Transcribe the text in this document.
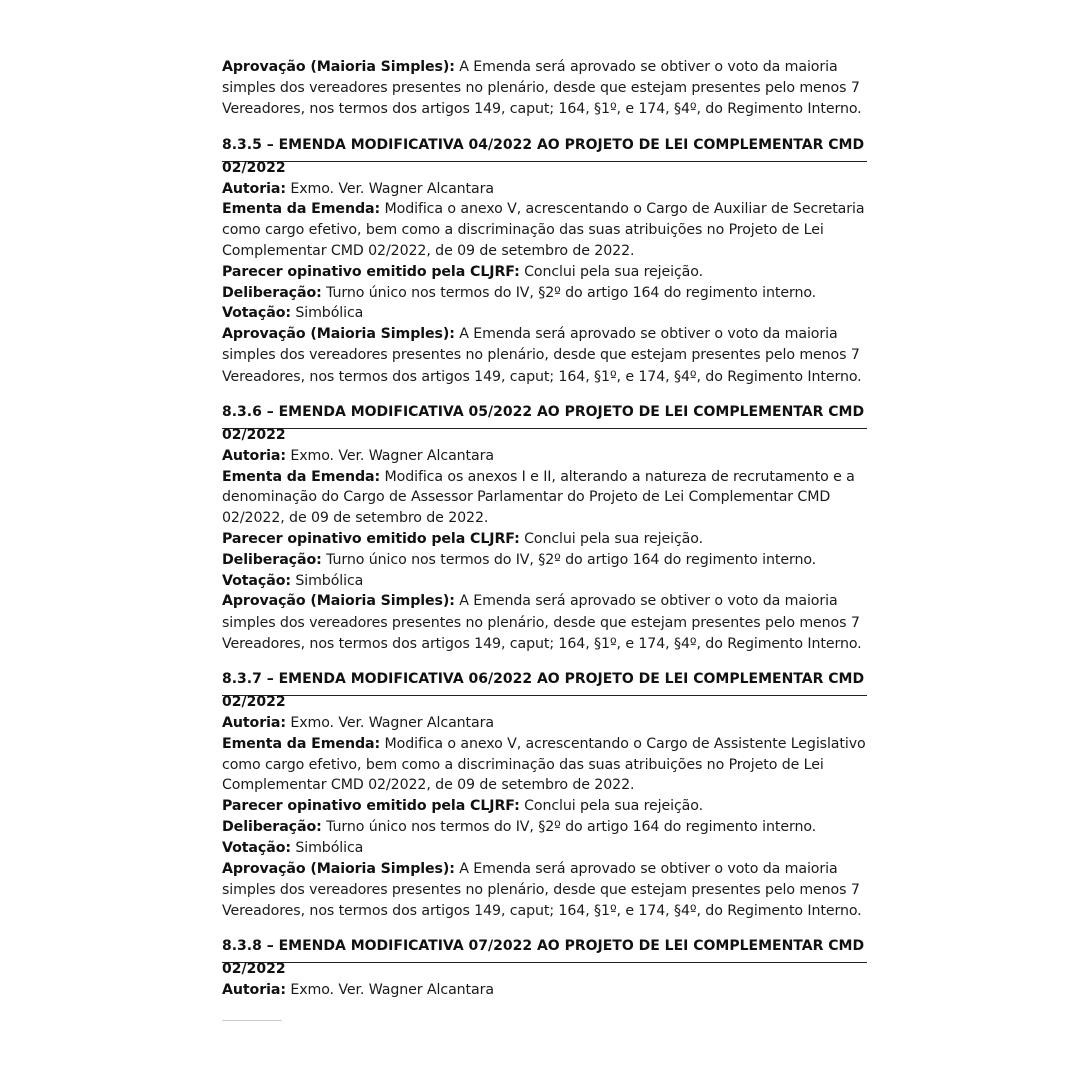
Aprovação (Maioria Simples): A Emenda será aprovado se obtiver o voto da maioria simples dos vereadores presentes no plenário, desde que estejam presentes pelo menos 7 Vereadores, nos termos dos artigos 149, caput; 164, §1º, e 174, §4º, do Regimento Interno.

8.3.5 – EMENDA MODIFICATIVA 04/2022 AO PROJETO DE LEI COMPLEMENTAR CMD 02/2022

Autoria: Exmo. Ver. Wagner Alcantara

Ementa da Emenda: Modifica o anexo V, acrescentando o Cargo de Auxiliar de Secretaria como cargo efetivo, bem como a discriminação das suas atribuições no Projeto de Lei Complementar CMD 02/2022, de 09 de setembro de 2022.

Parecer opinativo emitido pela CLJRF: Conclui pela sua rejeição.

Deliberação: Turno único nos termos do IV, §2º do artigo 164 do regimento interno.

Votação: Simbólica

Aprovação (Maioria Simples): A Emenda será aprovado se obtiver o voto da maioria simples dos vereadores presentes no plenário, desde que estejam presentes pelo menos 7 Vereadores, nos termos dos artigos 149, caput; 164, §1º, e 174, §4º, do Regimento Interno.

8.3.6 – EMENDA MODIFICATIVA 05/2022 AO PROJETO DE LEI COMPLEMENTAR CMD 02/2022

Autoria: Exmo. Ver. Wagner Alcantara

Ementa da Emenda: Modifica os anexos I e II, alterando a natureza de recrutamento e a denominação do Cargo de Assessor Parlamentar do Projeto de Lei Complementar CMD 02/2022, de 09 de setembro de 2022.

Parecer opinativo emitido pela CLJRF: Conclui pela sua rejeição.

Deliberação: Turno único nos termos do IV, §2º do artigo 164 do regimento interno.

Votação: Simbólica

Aprovação (Maioria Simples): A Emenda será aprovado se obtiver o voto da maioria simples dos vereadores presentes no plenário, desde que estejam presentes pelo menos 7 Vereadores, nos termos dos artigos 149, caput; 164, §1º, e 174, §4º, do Regimento Interno.

8.3.7 – EMENDA MODIFICATIVA 06/2022 AO PROJETO DE LEI COMPLEMENTAR CMD 02/2022

Autoria: Exmo. Ver. Wagner Alcantara

Ementa da Emenda: Modifica o anexo V, acrescentando o Cargo de Assistente Legislativo como cargo efetivo, bem como a discriminação das suas atribuições no Projeto de Lei Complementar CMD 02/2022, de 09 de setembro de 2022.

Parecer opinativo emitido pela CLJRF: Conclui pela sua rejeição.

Deliberação: Turno único nos termos do IV, §2º do artigo 164 do regimento interno.

Votação: Simbólica

Aprovação (Maioria Simples): A Emenda será aprovado se obtiver o voto da maioria simples dos vereadores presentes no plenário, desde que estejam presentes pelo menos 7 Vereadores, nos termos dos artigos 149, caput; 164, §1º, e 174, §4º, do Regimento Interno.

8.3.8 – EMENDA MODIFICATIVA 07/2022 AO PROJETO DE LEI COMPLEMENTAR CMD 02/2022

Autoria: Exmo. Ver. Wagner Alcantara
